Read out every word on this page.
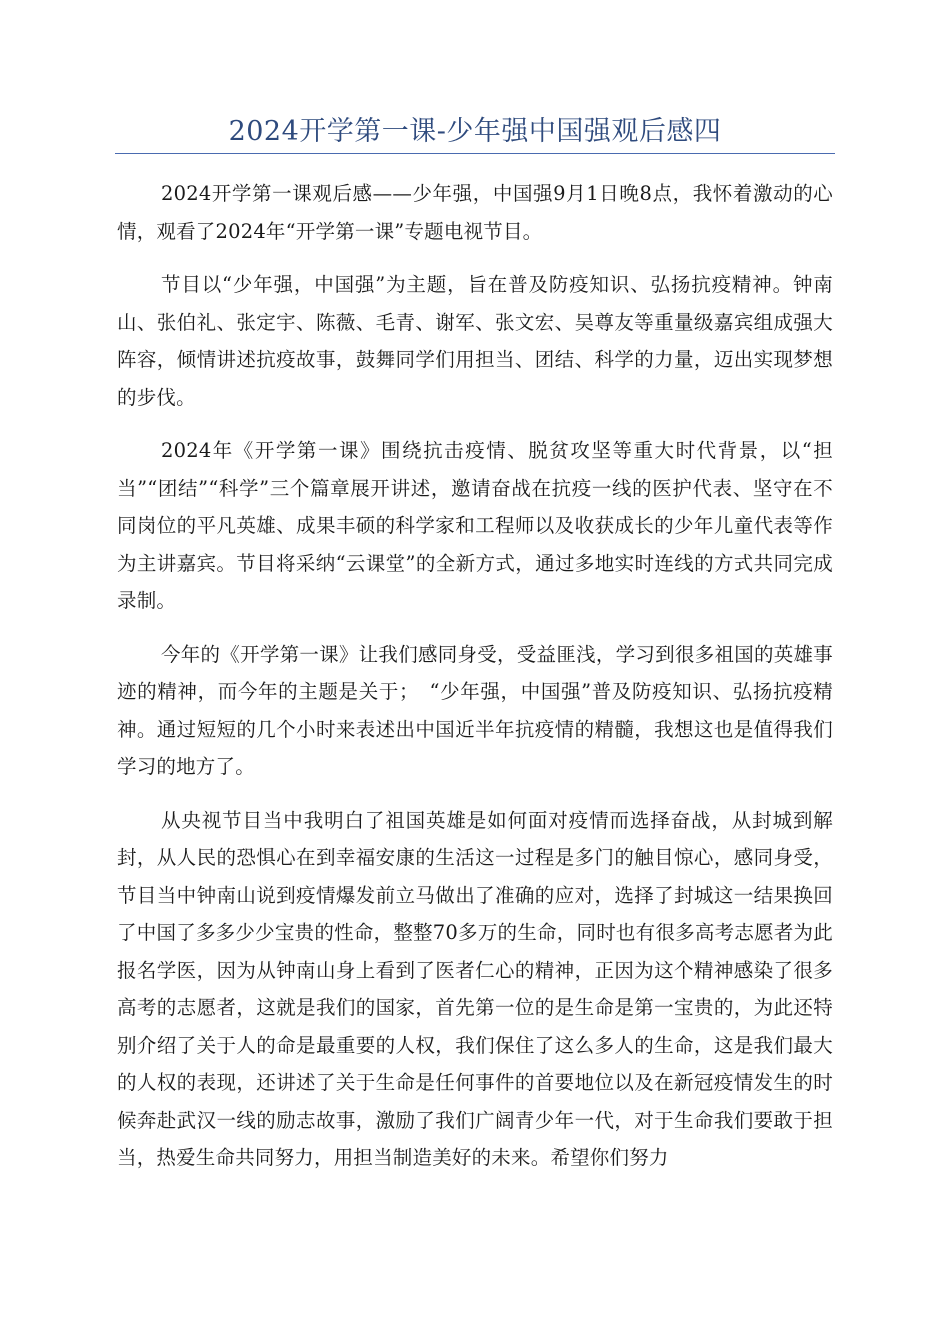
2024开学第一课-少年强中国强观后感四

2024开学第一课观后感——少年强，中国强9月1日晚8点，我怀着激动的心情，观看了2024年“开学第一课”专题电视节目。

节目以“少年强，中国强”为主题，旨在普及防疫知识、弘扬抗疫精神。钟南山、张伯礼、张定宇、陈薇、毛青、谢军、张文宏、吴尊友等重量级嘉宾组成强大阵容，倾情讲述抗疫故事，鼓舞同学们用担当、团结、科学的力量，迈出实现梦想的步伐。

2024年《开学第一课》围绕抗击疫情、脱贫攻坚等重大时代背景，以“担当”“团结”“科学”三个篇章展开讲述，邀请奋战在抗疫一线的医护代表、坚守在不同岗位的平凡英雄、成果丰硕的科学家和工程师以及收获成长的少年儿童代表等作为主讲嘉宾。节目将采纳“云课堂”的全新方式，通过多地实时连线的方式共同完成录制。

今年的《开学第一课》让我们感同身受，受益匪浅，学习到很多祖国的英雄事迹的精神，而今年的主题是关于；　“少年强，中国强”普及防疫知识、弘扬抗疫精神。通过短短的几个小时来表述出中国近半年抗疫情的精髓，我想这也是值得我们学习的地方了。

从央视节目当中我明白了祖国英雄是如何面对疫情而选择奋战，从封城到解封，从人民的恐惧心在到幸福安康的生活这一过程是多门的触目惊心，感同身受，节目当中钟南山说到疫情爆发前立马做出了准确的应对，选择了封城这一结果换回了中国了多多少少宝贵的性命，整整70多万的生命，同时也有很多高考志愿者为此报名学医，因为从钟南山身上看到了医者仁心的精神，正因为这个精神感染了很多高考的志愿者，这就是我们的国家，首先第一位的是生命是第一宝贵的，为此还特别介绍了关于人的命是最重要的人权，我们保住了这么多人的生命，这是我们最大的人权的表现，还讲述了关于生命是任何事件的首要地位以及在新冠疫情发生的时候奔赴武汉一线的励志故事，激励了我们广阔青少年一代，对于生命我们要敢于担当，热爱生命共同努力，用担当制造美好的未来。希望你们努力
